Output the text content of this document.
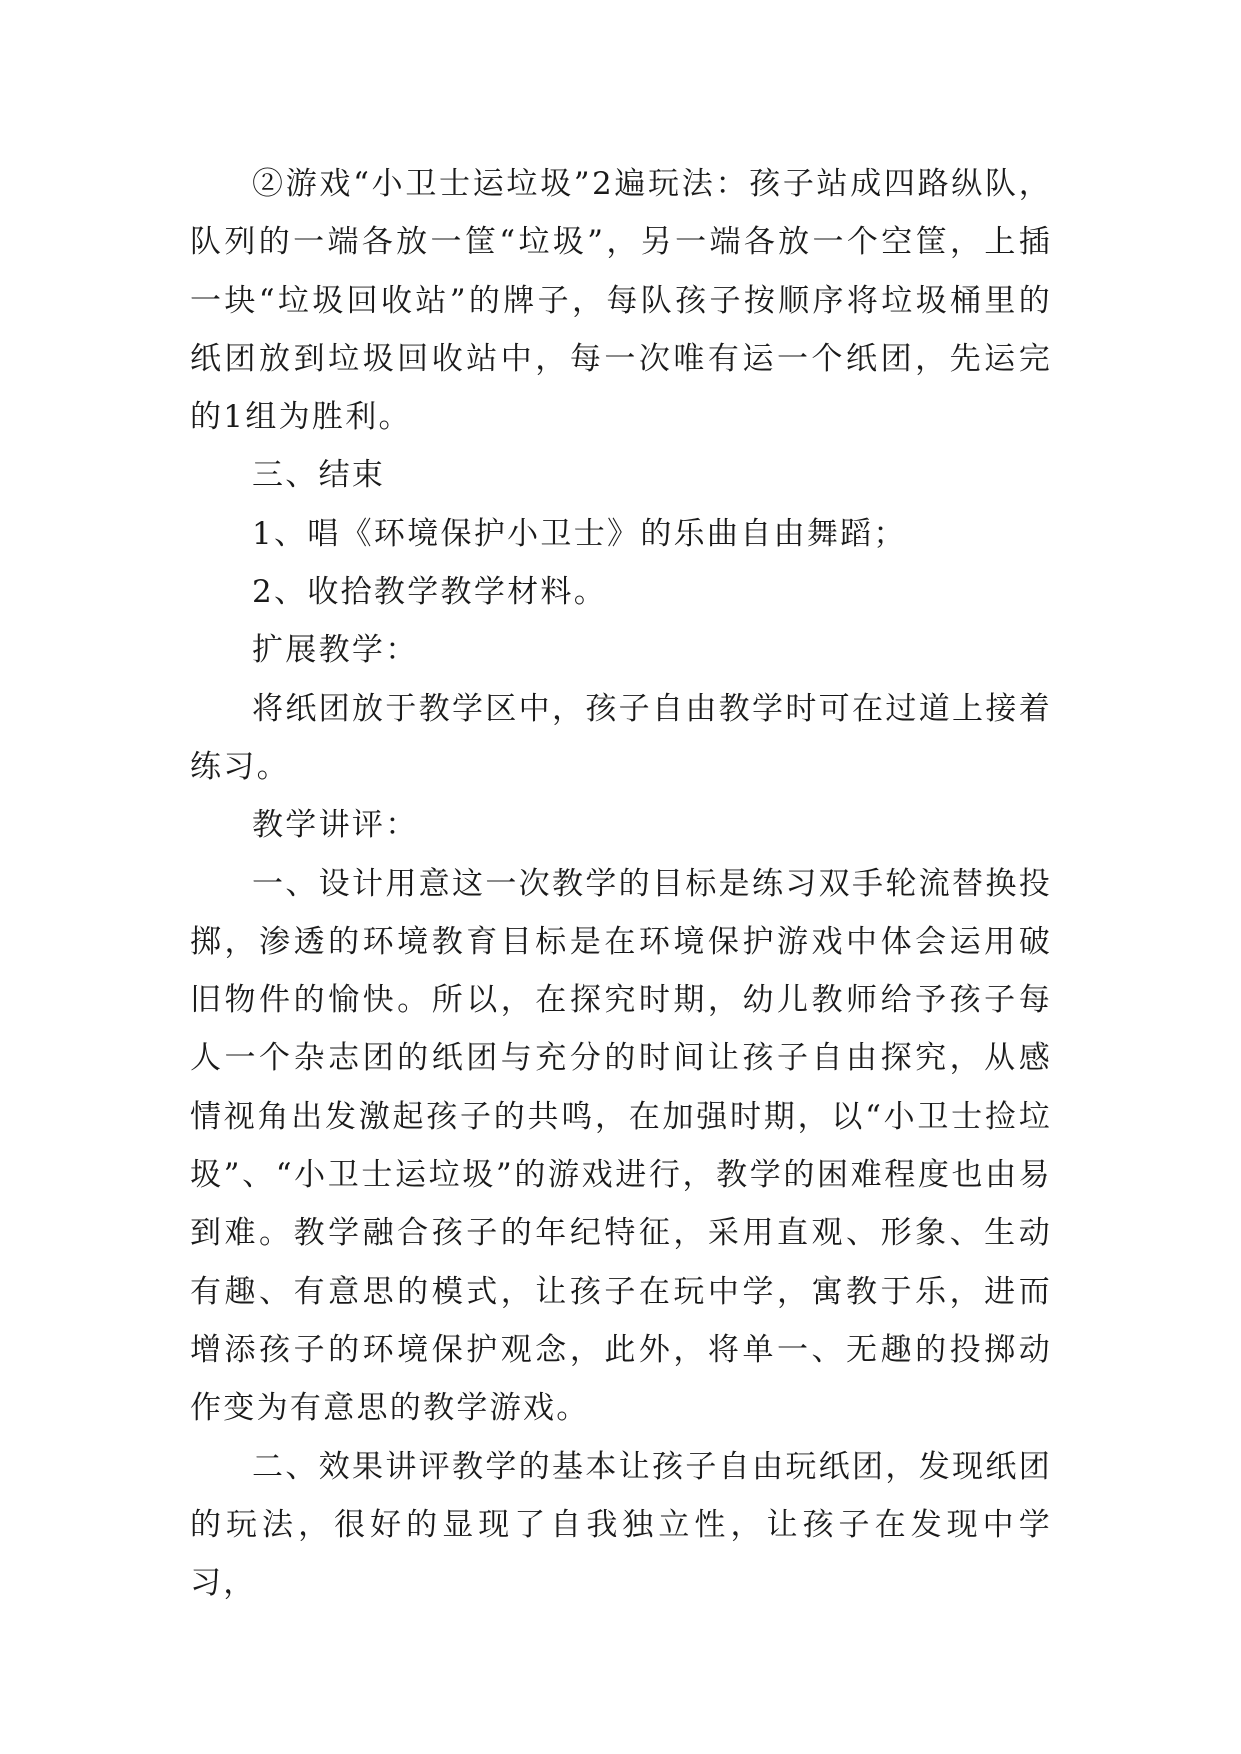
②游戏“小卫士运垃圾”2遍玩法：孩子站成四路纵队，队列的一端各放一筐“垃圾”，另一端各放一个空筐，上插一块“垃圾回收站”的牌子，每队孩子按顺序将垃圾桶里的纸团放到垃圾回收站中，每一次唯有运一个纸团，先运完的1组为胜利。

三、结束

1、唱《环境保护小卫士》的乐曲自由舞蹈；

2、收拾教学教学材料。

扩展教学：

将纸团放于教学区中，孩子自由教学时可在过道上接着练习。

教学讲评：

一、设计用意这一次教学的目标是练习双手轮流替换投掷，渗透的环境教育目标是在环境保护游戏中体会运用破旧物件的愉快。所以，在探究时期，幼儿教师给予孩子每人一个杂志团的纸团与充分的时间让孩子自由探究，从感情视角出发激起孩子的共鸣，在加强时期，以“小卫士捡垃圾”、“小卫士运垃圾”的游戏进行，教学的困难程度也由易到难。教学融合孩子的年纪特征，采用直观、形象、生动有趣、有意思的模式，让孩子在玩中学，寓教于乐，进而增添孩子的环境保护观念，此外，将单一、无趣的投掷动作变为有意思的教学游戏。

二、效果讲评教学的基本让孩子自由玩纸团，发现纸团的玩法，很好的显现了自我独立性，让孩子在发现中学习，
